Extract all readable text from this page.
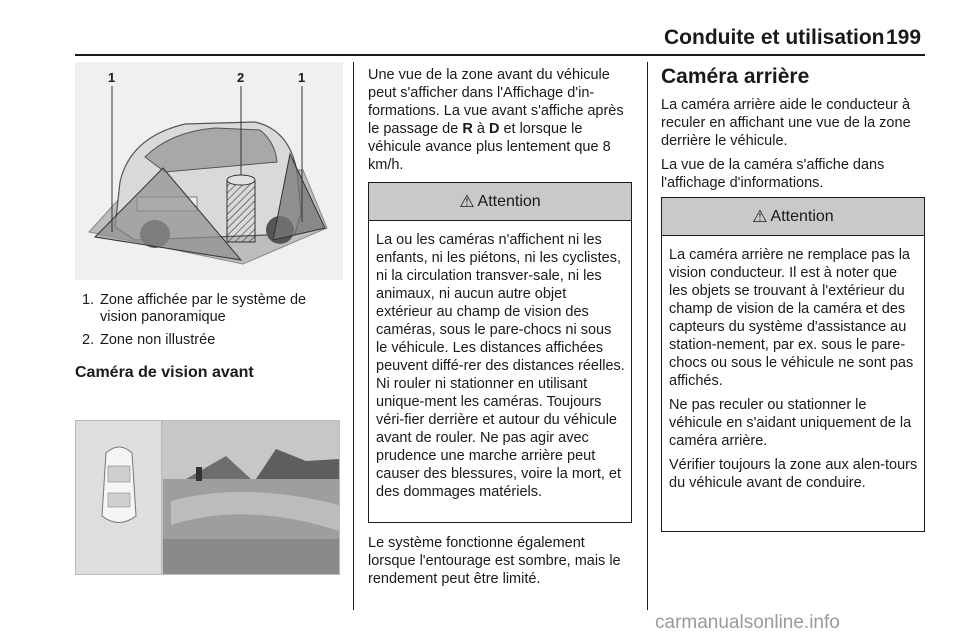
Conduite et utilisation 199
1	2	1
1. Zone affichée par le système de vision panoramique
2. Zone non illustrée
Caméra de vision avant

Une vue de la zone avant du véhicule peut s'afficher dans l'Affichage d'in-formations. La vue avant s'affiche après le passage de R à D et lorsque le véhicule avance plus lentement que 8 km/h.

⚠ Attention

La ou les caméras n'affichent ni les enfants, ni les piétons, ni les cyclistes, ni la circulation transver-sale, ni les animaux, ni aucun autre objet extérieur au champ de vision des caméras, sous le pare-chocs ni sous le véhicule. Les distances affichées peuvent diffé-rer des distances réelles. Ni rouler ni stationner en utilisant unique-ment les caméras. Toujours véri-fier derrière et autour du véhicule avant de rouler. Ne pas agir avec prudence une marche arrière peut causer des blessures, voire la mort, et des dommages matériels.

Le système fonctionne également lorsque l'entourage est sombre, mais le rendement peut être limité.

Caméra arrière

La caméra arrière aide le conducteur à reculer en affichant une vue de la zone derrière le véhicule.

La vue de la caméra s'affiche dans l'affichage d'informations.

⚠ Attention

La caméra arrière ne remplace pas la vision conducteur. Il est à noter que les objets se trouvant à l'extérieur du champ de vision de la caméra et des capteurs du système d'assistance au station-nement, par ex. sous le pare-chocs ou sous le véhicule ne sont pas affichés.

Ne pas reculer ou stationner le véhicule en s'aidant uniquement de la caméra arrière.

Vérifier toujours la zone aux alen-tours du véhicule avant de conduire.

carmanualsonline.info
